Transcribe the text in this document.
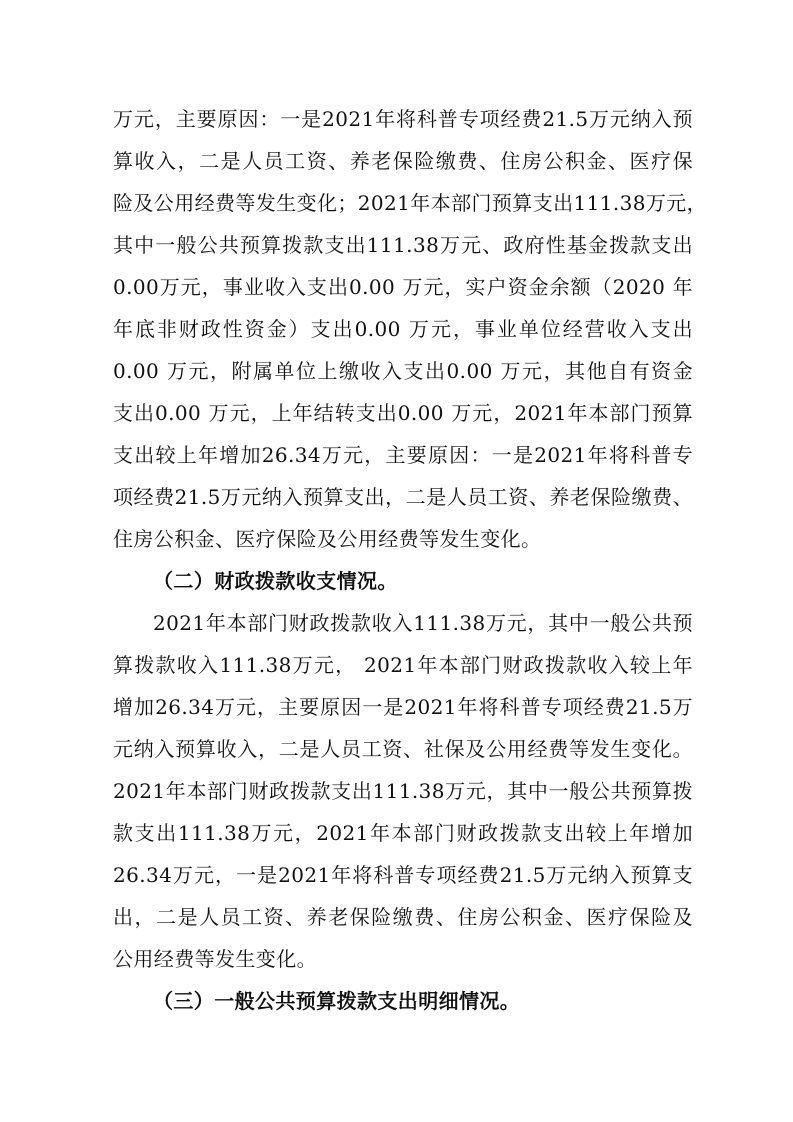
万元，主要原因：一是2021年将科普专项经费21.5万元纳入预
算收入，二是人员工资、养老保险缴费、住房公积金、医疗保
险及公用经费等发生变化；2021年本部门预算支出111.38万元，
其中一般公共预算拨款支出111.38万元、政府性基金拨款支出
0.00万元，事业收入支出0.00 万元，实户资金余额（2020 年
年底非财政性资金）支出0.00 万元，事业单位经营收入支出
0.00 万元，附属单位上缴收入支出0.00 万元，其他自有资金
支出0.00 万元，上年结转支出0.00 万元，2021年本部门预算
支出较上年增加26.34万元，主要原因：一是2021年将科普专
项经费21.5万元纳入预算支出，二是人员工资、养老保险缴费、
住房公积金、医疗保险及公用经费等发生变化。
（二）财政拨款收支情况。
2021年本部门财政拨款收入111.38万元，其中一般公共预
算拨款收入111.38万元， 2021年本部门财政拨款收入较上年
增加26.34万元，主要原因一是2021年将科普专项经费21.5万
元纳入预算收入，二是人员工资、社保及公用经费等发生变化。
2021年本部门财政拨款支出111.38万元，其中一般公共预算拨
款支出111.38万元，2021年本部门财政拨款支出较上年增加
26.34万元，一是2021年将科普专项经费21.5万元纳入预算支
出，二是人员工资、养老保险缴费、住房公积金、医疗保险及
公用经费等发生变化。
（三）一般公共预算拨款支出明细情况。
